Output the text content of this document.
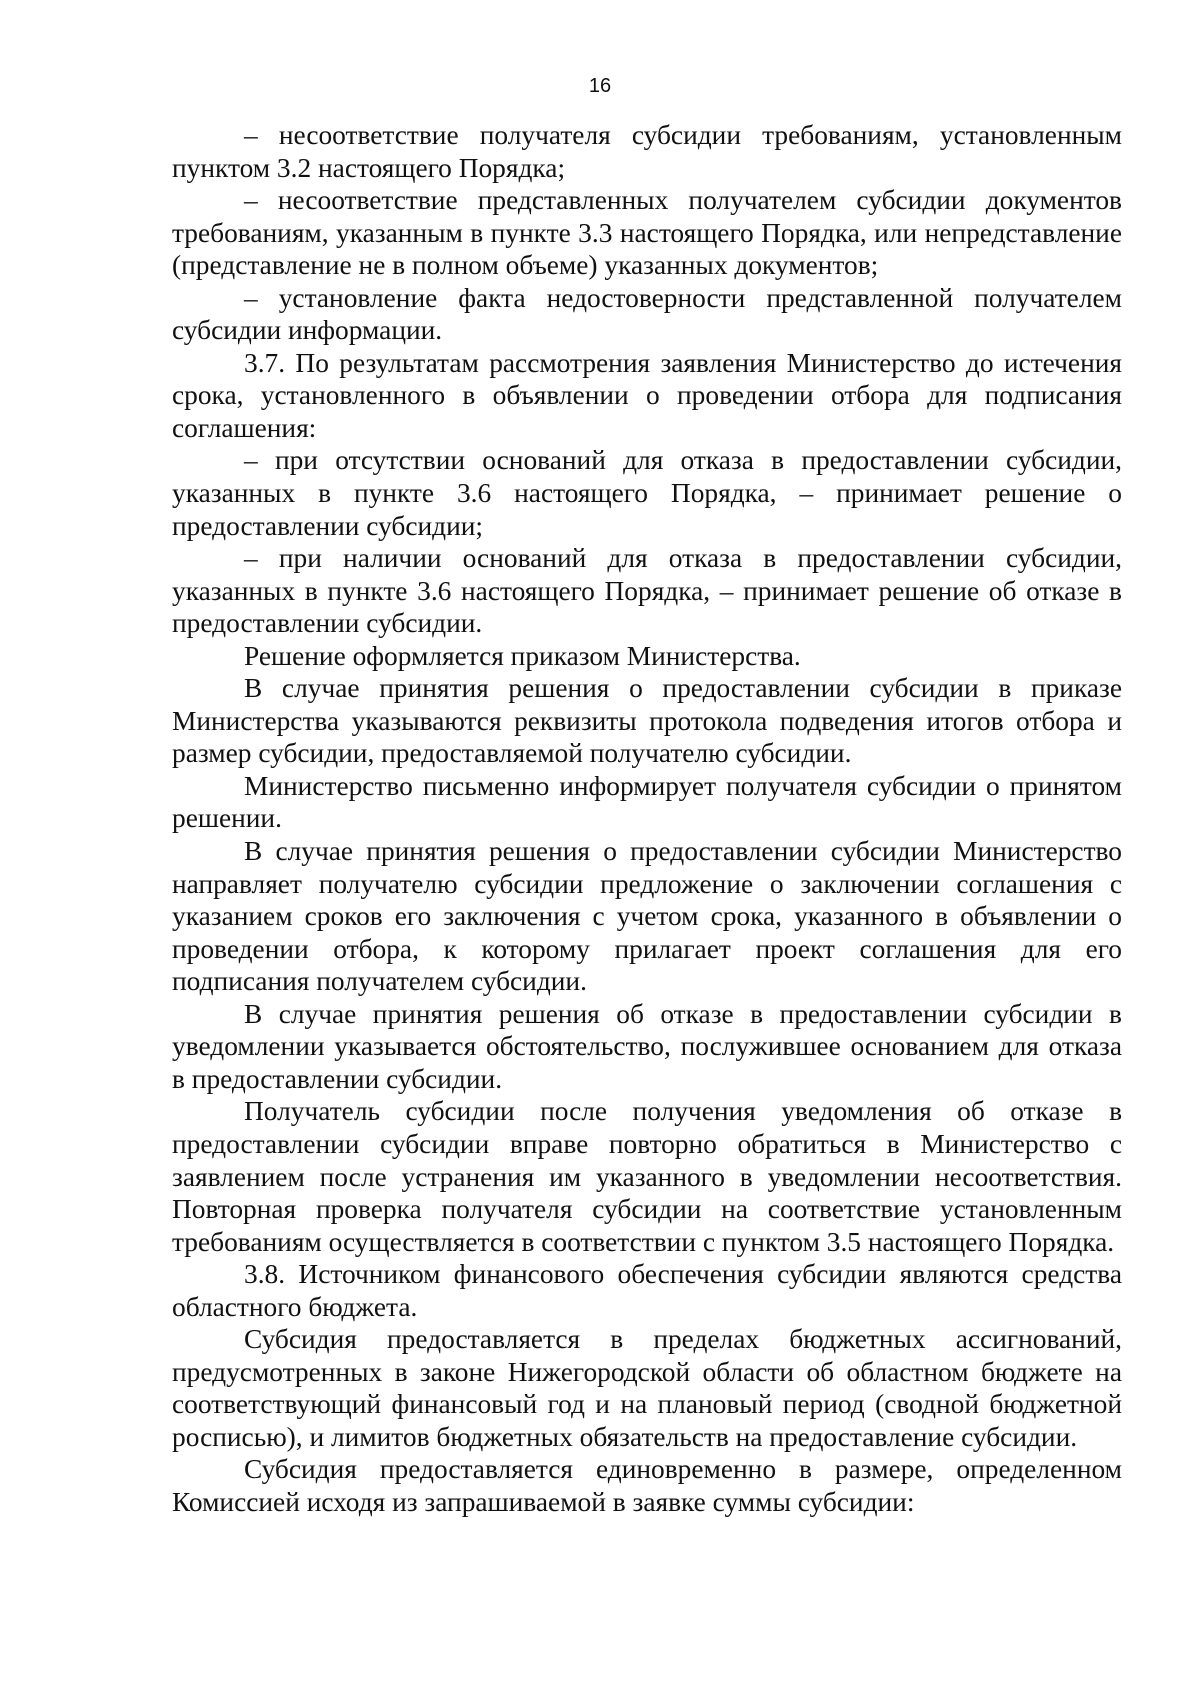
16

– несоответствие получателя субсидии требованиям, установленным пунктом 3.2 настоящего Порядка;

– несоответствие представленных получателем субсидии документов требованиям, указанным в пункте 3.3 настоящего Порядка, или непредставление (представление не в полном объеме) указанных документов;

– установление факта недостоверности представленной получателем субсидии информации.

3.7. По результатам рассмотрения заявления Министерство до истечения срока, установленного в объявлении о проведении отбора для подписания соглашения:

– при отсутствии оснований для отказа в предоставлении субсидии, указанных в пункте 3.6 настоящего Порядка, – принимает решение о предоставлении субсидии;

– при наличии оснований для отказа в предоставлении субсидии, указанных в пункте 3.6 настоящего Порядка, – принимает решение об отказе в предоставлении субсидии.

Решение оформляется приказом Министерства.

В случае принятия решения о предоставлении субсидии в приказе Министерства указываются реквизиты протокола подведения итогов отбора и размер субсидии, предоставляемой получателю субсидии.

Министерство письменно информирует получателя субсидии о принятом решении.

В случае принятия решения о предоставлении субсидии Министерство направляет получателю субсидии предложение о заключении соглашения с указанием сроков его заключения с учетом срока, указанного в объявлении о проведении отбора, к которому прилагает проект соглашения для его подписания получателем субсидии.

В случае принятия решения об отказе в предоставлении субсидии в уведомлении указывается обстоятельство, послужившее основанием для отказа в предоставлении субсидии.

Получатель субсидии после получения уведомления об отказе в предоставлении субсидии вправе повторно обратиться в Министерство с заявлением после устранения им указанного в уведомлении несоответствия. Повторная проверка получателя субсидии на соответствие установленным требованиям осуществляется в соответствии с пунктом 3.5 настоящего Порядка.

3.8. Источником финансового обеспечения субсидии являются средства областного бюджета.

Субсидия предоставляется в пределах бюджетных ассигнований, предусмотренных в законе Нижегородской области об областном бюджете на соответствующий финансовый год и на плановый период (сводной бюджетной росписью), и лимитов бюджетных обязательств на предоставление субсидии.

Субсидия предоставляется единовременно в размере, определенном Комиссией исходя из запрашиваемой в заявке суммы субсидии:
